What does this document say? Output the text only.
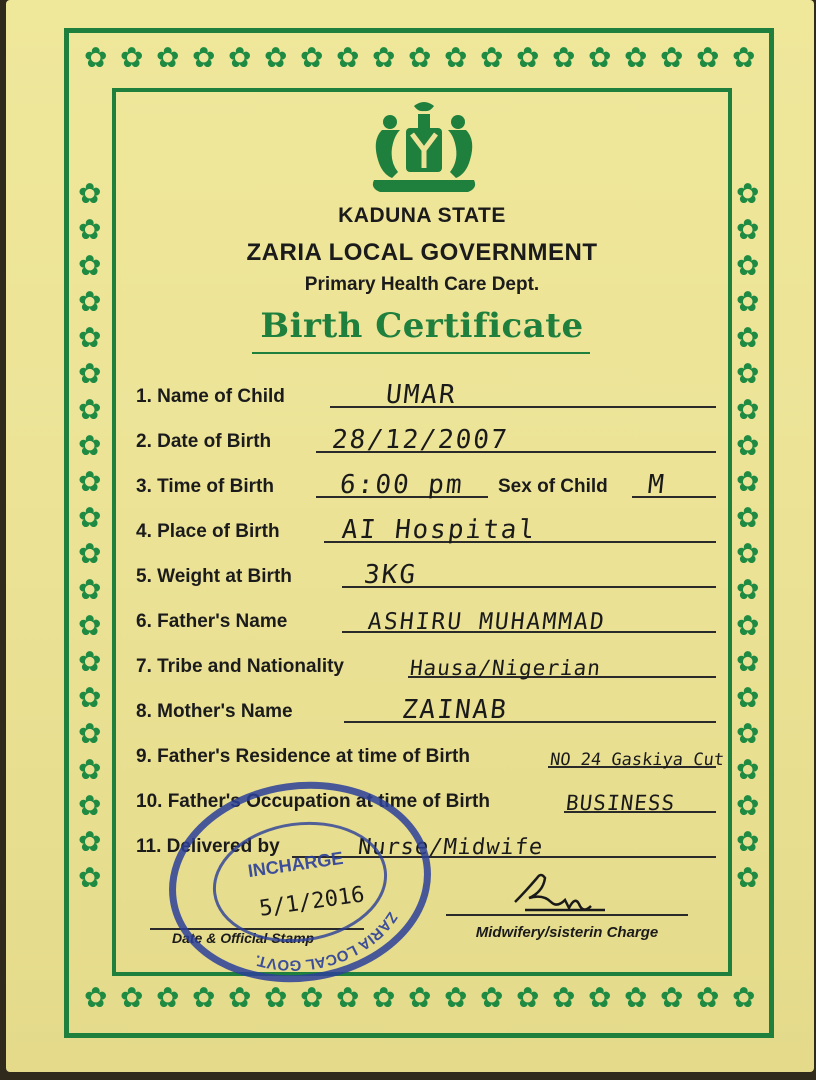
✿
✿
✿
✿
✿
✿
✿
✿
✿
✿
✿
✿
✿
✿
✿
✿
✿
✿
✿
✿
✿
✿
✿
✿
✿
✿
✿
✿
✿
✿
✿
✿
✿
✿
✿
✿
✿
✿
✿	✿
✿	✿
✿	✿
✿	✿
✿	✿
✿	✿
✿	✿
✿	✿
✿	✿
✿	✿
✿	✿
✿	✿
✿	✿
✿	✿
✿	✿
✿	✿
✿	✿
✿	✿
✿	✿
✿	✿
KADUNA STATE
ZARIA LOCAL GOVERNMENT
Primary Health Care Dept.
Birth Certificate
1. Name of Child	UMAR
2. Date of Birth 28/12/2007
3. Time of Birth 6:00 pm Sex of Child M
4. Place of Birth AI Hospital
5. Weight at Birth	3KG
6. Father's Name	ASHIRU MUHAMMAD
7. Tribe and Nationality	Hausa/Nigerian
8. Mother's Name	ZAINAB
9. Father's Residence at time of Birth	NO 24 Gaskiya Cut
10. Father's Occupation at time of Birth	BUSINESS
11. Delivered by	Nurse/Midwife
Date & Official Stamp	Midwifery/sisterin Charge
ZARIA LOCAL GOVT.
INCHARGE
5/1/2016
